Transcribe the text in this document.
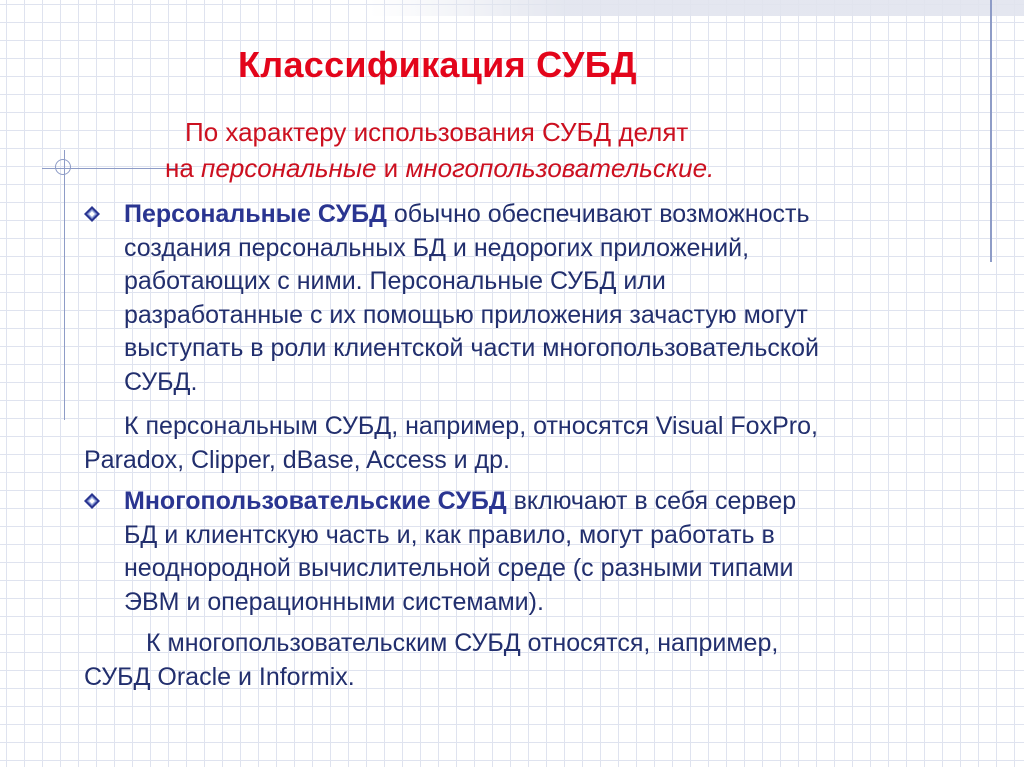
Классификация СУБД

По характеру использования СУБД делят
на персональные и многопользовательские.

Персональные СУБД обычно обеспечивают возможность
создания персональных БД и недорогих приложений,
работающих с ними. Персональные СУБД или
разработанные с их помощью приложения зачастую могут
выступать в роли клиентской части многопользовательской
СУБД.

К персональным СУБД, например, относятся Visual FoxPro,
Paradox, Clipper, dBase, Access и др.

Многопользовательские СУБД включают в себя сервер
БД и клиентскую часть и, как правило, могут работать в
неоднородной вычислительной среде (с разными типами
ЭВМ и операционными системами).

К многопользовательским СУБД относятся, например,
СУБД Oracle и Informix.
